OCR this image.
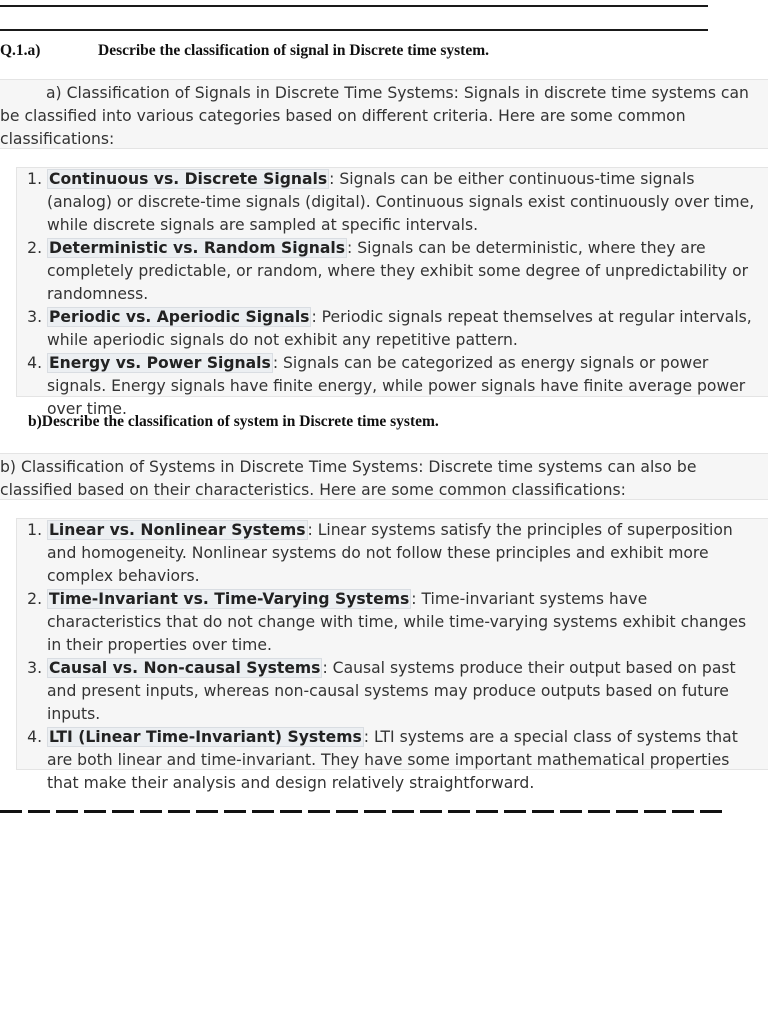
Q.1.a)	Describe the classification of signal in Discrete time system.
a) Classification of Signals in Discrete Time Systems: Signals in discrete time systems can be classified into various categories based on different criteria. Here are some common classifications:
1. Continuous vs. Discrete Signals : Signals can be either continuous-time signals (analog) or discrete-time signals (digital). Continuous signals exist continuously over time, while discrete signals are sampled at specific intervals.
2. Deterministic vs. Random Signals : Signals can be deterministic, where they are completely predictable, or random, where they exhibit some degree of unpredictability or randomness.
3. Periodic vs. Aperiodic Signals : Periodic signals repeat themselves at regular intervals, while aperiodic signals do not exhibit any repetitive pattern.
4. Energy vs. Power Signals : Signals can be categorized as energy signals or power signals. Energy signals have finite energy, while power signals have finite average power over time.
b)Describe the classification of system in Discrete time system.
b) Classification of Systems in Discrete Time Systems: Discrete time systems can also be classified based on their characteristics. Here are some common classifications:
1. Linear vs. Nonlinear Systems : Linear systems satisfy the principles of superposition and homogeneity. Nonlinear systems do not follow these principles and exhibit more complex behaviors.
2. Time-Invariant vs. Time-Varying Systems : Time-invariant systems have characteristics that do not change with time, while time-varying systems exhibit changes in their properties over time.
3. Causal vs. Non-causal Systems : Causal systems produce their output based on past and present inputs, whereas non-causal systems may produce outputs based on future inputs.
4. LTI (Linear Time-Invariant) Systems : LTI systems are a special class of systems that are both linear and time-invariant. They have some important mathematical properties that make their analysis and design relatively straightforward.
